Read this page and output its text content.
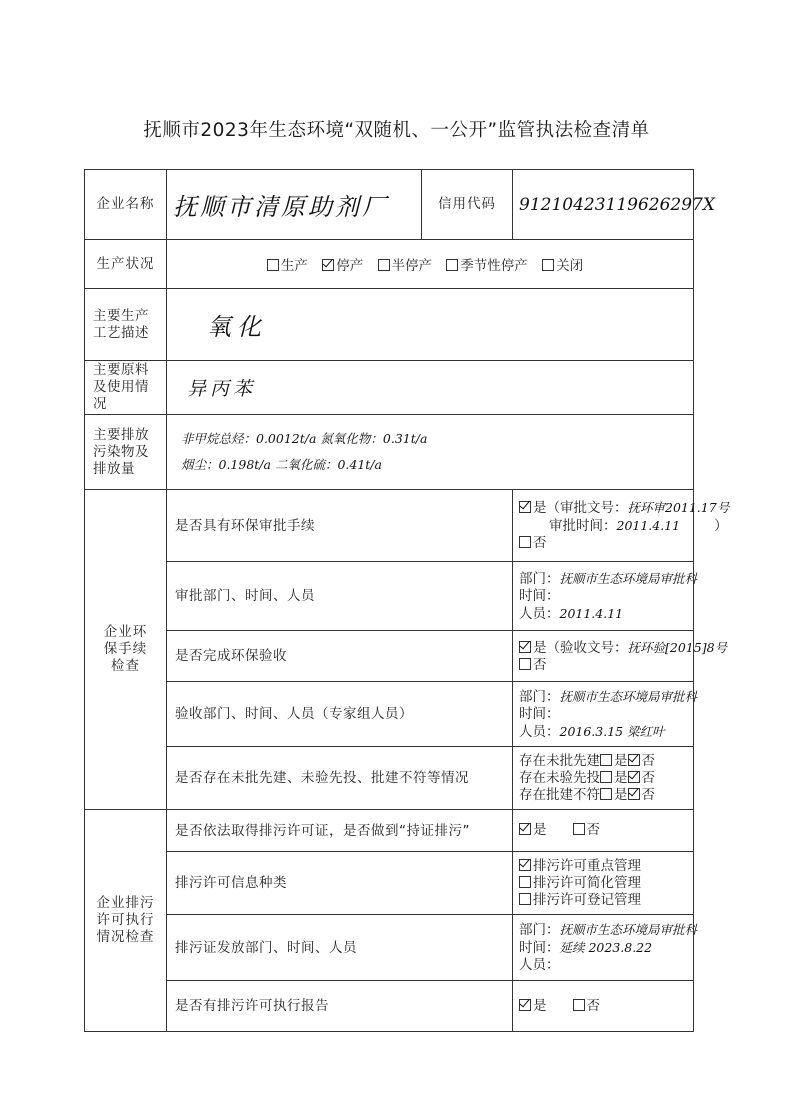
抚顺市2023年生态环境“双随机、一公开”监管执法检查清单
企业名称	抚顺市清原助剂厂	信用代码	91210423119626297X
生产状况	生产 停产 半停产 季节性停产 关闭		
主要生产工艺描述	氧化		
主要原料及使用情况	异丙苯		
主要排放污染物及排放量	非甲烷总烃：0.0012t/a 氮氧化物：0.31t/a
烟尘：0.198t/a 二氧化硫：0.41t/a		

企业环保手续检查	是否具有环保审批手续		是（审批文号：抚环审2011.17号
审批时间：2011.4.11 ）
否

	审批部门、时间、人员		部门：抚顺市生态环境局审批科
时间：
人员：2011.4.11

	是否完成环保验收		是（验收文号：抚环验[2015]8号
否

	验收部门、时间、人员（专家组人员）		部门：抚顺市生态环境局审批科
时间：
人员：2016.3.15 梁红叶

	是否存在未批先建、未验先投、批建不符等情况		存在未批先建 是 否
存在未验先投 是 否
存在批建不符 是 否

企业排污许可执行情况检查	是否依法取得排污许可证，是否做到“持证排污”		是 否
	排污许可信息种类		排污许可重点管理
排污许可简化管理
排污许可登记管理

	排污证发放部门、时间、人员		部门：抚顺市生态环境局审批科
时间：延续 2023.8.22
人员：

	是否有排污许可执行报告		是 否
